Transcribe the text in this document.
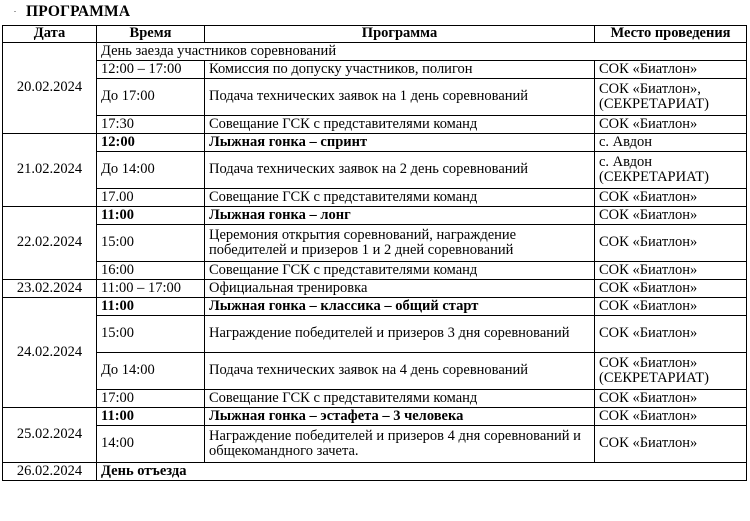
. ПРОГРАММА
Дата	Время	Программа	Место проведения
20.02.2024	День заезда участников соревнований		
	12:00 – 17:00	Комиссия по допуску участников, полигон	СОК «Биатлон»
	До 17:00	Подача технических заявок на 1 день соревнований	СОК «Биатлон», (СЕКРЕТАРИАТ)
	17:30	Совещание ГСК с представителями команд	СОК «Биатлон»
21.02.2024	12:00	Лыжная гонка – спринт	с. Авдон
	До 14:00	Подача технических заявок на 2 день соревнований	с. Авдон (СЕКРЕТАРИАТ)
	17.00	Совещание ГСК с представителями команд	СОК «Биатлон»
22.02.2024	11:00	Лыжная гонка – лонг	СОК «Биатлон»
	15:00	Церемония открытия соревнований, награждение победителей и призеров 1 и 2 дней соревнований	СОК «Биатлон»
	16:00	Совещание ГСК с представителями команд	СОК «Биатлон»
23.02.2024	11:00 – 17:00	Официальная тренировка	СОК «Биатлон»
24.02.2024	11:00	Лыжная гонка – классика – общий старт	СОК «Биатлон»
	15:00	Награждение победителей и призеров 3 дня соревнований	СОК «Биатлон»
	До 14:00	Подача технических заявок на 4 день соревнований	СОК «Биатлон» (СЕКРЕТАРИАТ)
	17:00	Совещание ГСК с представителями команд	СОК «Биатлон»
25.02.2024	11:00	Лыжная гонка – эстафета – 3 человека	СОК «Биатлон»
	14:00	Награждение победителей и призеров 4 дня соревнований и общекомандного зачета.	СОК «Биатлон»
26.02.2024	День отъезда		
